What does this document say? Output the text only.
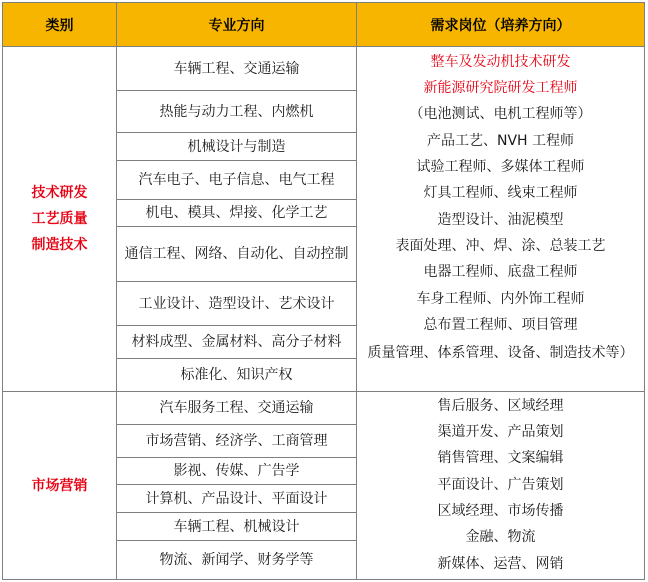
类别	专业方向	需求岗位（培养方向）
技术研发
工艺质量
制造技术
车辆工程、交通运输
热能与动力工程、内燃机
机械设计与制造
汽车电子、电子信息、电气工程
机电、模具、焊接、化学工艺
通信工程、网络、自动化、自动控制
工业设计、造型设计、艺术设计
材料成型、金属材料、高分子材料
标准化、知识产权
整车及发动机技术研发
新能源研究院研发工程师
（电池测试、电机工程师等）
产品工艺、NVH 工程师
试验工程师、多媒体工程师
灯具工程师、线束工程师
造型设计、油泥模型
表面处理、冲、焊、涂、总装工艺
电器工程师、底盘工程师
车身工程师、内外饰工程师
总布置工程师、项目管理
质量管理、体系管理、设备、制造技术等）
市场营销
汽车服务工程、交通运输
市场营销、经济学、工商管理
影视、传媒、广告学
计算机、产品设计、平面设计
车辆工程、机械设计
物流、新闻学、财务学等
售后服务、区域经理
渠道开发、产品策划
销售管理、文案编辑
平面设计、广告策划
区域经理、市场传播
金融、物流
新媒体、运营、网销
